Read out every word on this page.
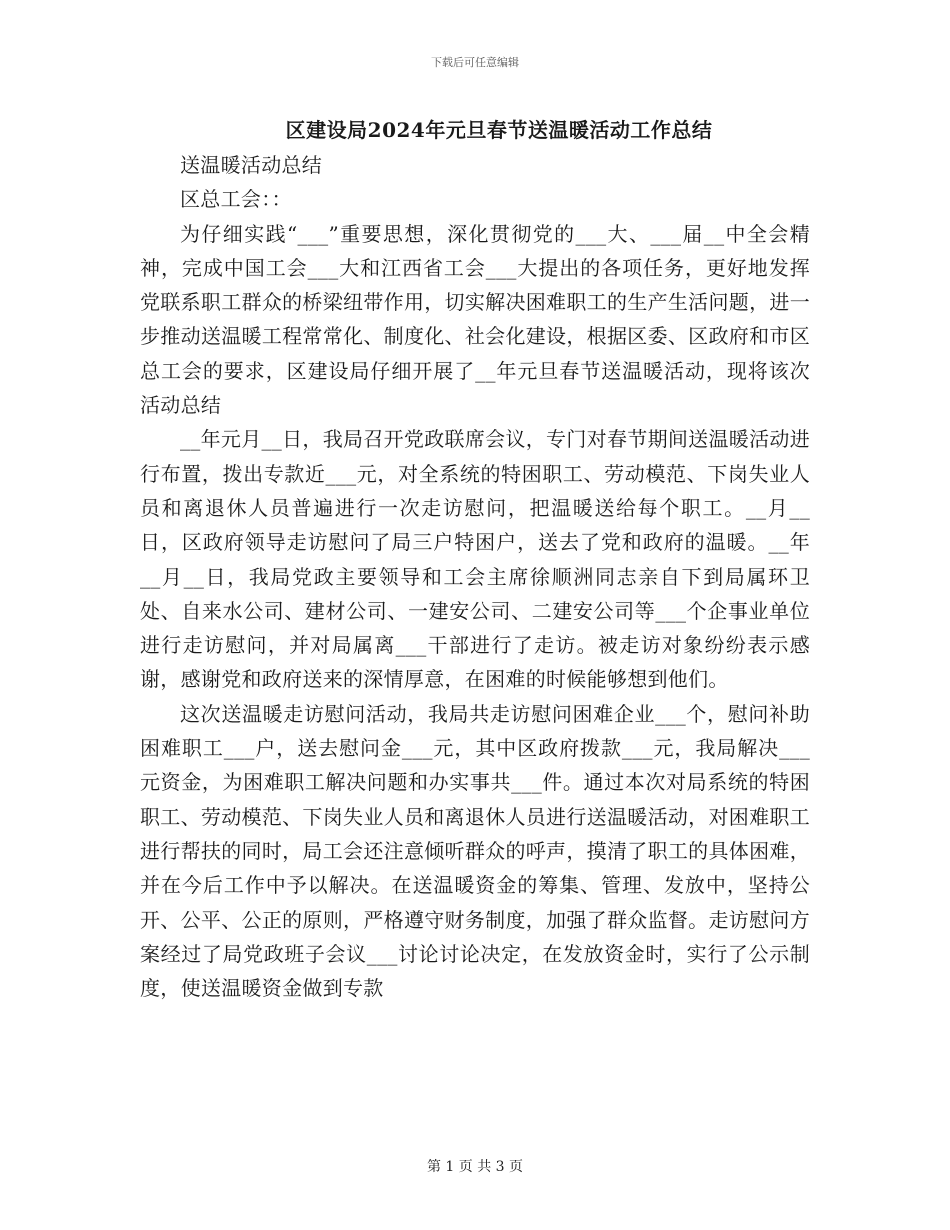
下载后可任意编辑
区建设局2024年元旦春节送温暖活动工作总结

送温暖活动总结

区总工会：：

为仔细实践“___”重要思想，深化贯彻党的___大、___届__中全会精神，完成中国工会___大和江西省工会___大提出的各项任务，更好地发挥党联系职工群众的桥梁纽带作用，切实解决困难职工的生产生活问题，进一步推动送温暖工程常常化、制度化、社会化建设，根据区委、区政府和市区总工会的要求，区建设局仔细开展了__年元旦春节送温暖活动，现将该次活动总结

__年元月__日，我局召开党政联席会议，专门对春节期间送温暖活动进行布置，拨出专款近___元，对全系统的特困职工、劳动模范、下岗失业人员和离退休人员普遍进行一次走访慰问，把温暖送给每个职工。__月__日，区政府领导走访慰问了局三户特困户，送去了党和政府的温暖。__年__月__日，我局党政主要领导和工会主席徐顺洲同志亲自下到局属环卫处、自来水公司、建材公司、一建安公司、二建安公司等___个企事业单位进行走访慰问，并对局属离___干部进行了走访。被走访对象纷纷表示感谢，感谢党和政府送来的深情厚意，在困难的时候能够想到他们。

这次送温暖走访慰问活动，我局共走访慰问困难企业___个，慰问补助困难职工___户，送去慰问金___元，其中区政府拨款___元，我局解决___元资金，为困难职工解决问题和办实事共___件。通过本次对局系统的特困职工、劳动模范、下岗失业人员和离退休人员进行送温暖活动，对困难职工进行帮扶的同时，局工会还注意倾听群众的呼声，摸清了职工的具体困难，并在今后工作中予以解决。在送温暖资金的筹集、管理、发放中，坚持公开、公平、公正的原则，严格遵守财务制度，加强了群众监督。走访慰问方案经过了局党政班子会议___讨论讨论决定，在发放资金时，实行了公示制度，使送温暖资金做到专款

第 1 页 共 3 页
